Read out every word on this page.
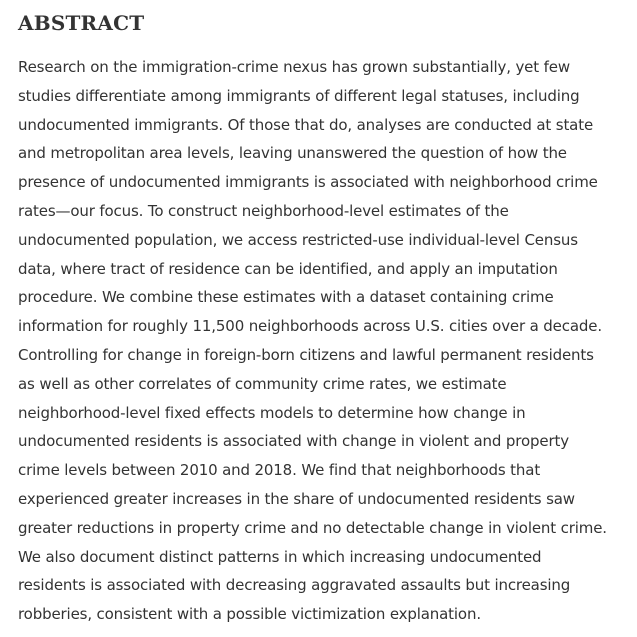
ABSTRACT

Research on the immigration-crime nexus has grown substantially, yet few
studies differentiate among immigrants of different legal statuses, including
undocumented immigrants. Of those that do, analyses are conducted at state
and metropolitan area levels, leaving unanswered the question of how the
presence of undocumented immigrants is associated with neighborhood crime
rates—our focus. To construct neighborhood-level estimates of the
undocumented population, we access restricted-use individual-level Census
data, where tract of residence can be identified, and apply an imputation
procedure. We combine these estimates with a dataset containing crime
information for roughly 11,500 neighborhoods across U.S. cities over a decade.
Controlling for change in foreign-born citizens and lawful permanent residents
as well as other correlates of community crime rates, we estimate
neighborhood-level fixed effects models to determine how change in
undocumented residents is associated with change in violent and property
crime levels between 2010 and 2018. We find that neighborhoods that
experienced greater increases in the share of undocumented residents saw
greater reductions in property crime and no detectable change in violent crime.
We also document distinct patterns in which increasing undocumented
residents is associated with decreasing aggravated assaults but increasing
robberies, consistent with a possible victimization explanation.
